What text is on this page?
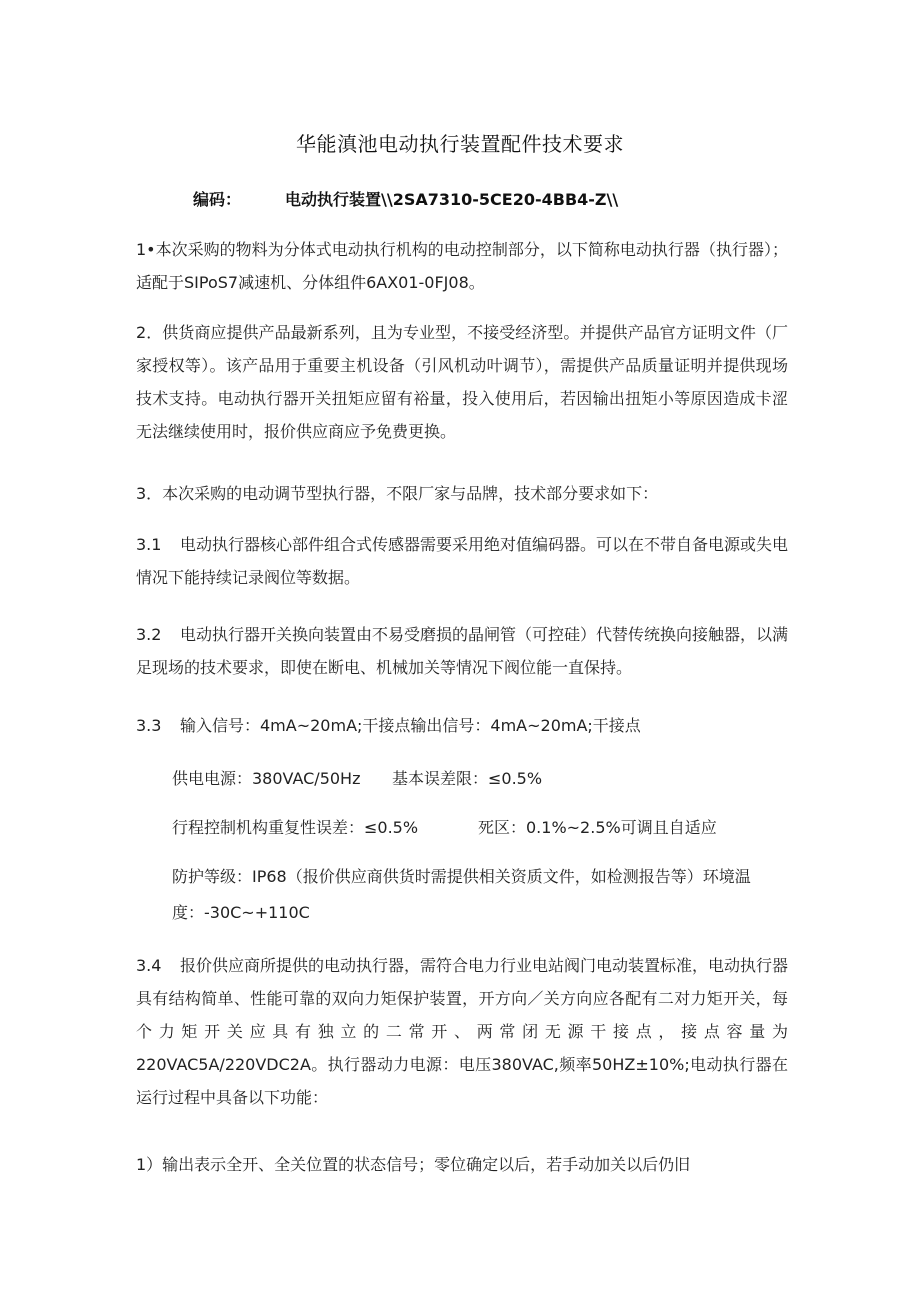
华能滇池电动执行装置配件技术要求
编码：	电动执行装置\\2SA7310-5CE20-4BB4-Z\\
1•本次采购的物料为分体式电动执行机构的电动控制部分，以下简称电动执行器（执行器）；适配于SIPoS7减速机、分体组件6AX01-0FJ08。
2．供货商应提供产品最新系列，且为专业型，不接受经济型。并提供产品官方证明文件（厂家授权等）。该产品用于重要主机设备（引风机动叶调节），需提供产品质量证明并提供现场技术支持。电动执行器开关扭矩应留有裕量，投入使用后，若因输出扭矩小等原因造成卡涩无法继续使用时，报价供应商应予免费更换。
3．本次采购的电动调节型执行器，不限厂家与品牌，技术部分要求如下：
3.1 电动执行器核心部件组合式传感器需要采用绝对值编码器。可以在不带自备电源或失电情况下能持续记录阀位等数据。
3.2 电动执行器开关换向装置由不易受磨损的晶闸管（可控硅）代替传统换向接触器，以满足现场的技术要求，即使在断电、机械加关等情况下阀位能一直保持。
3.3 输入信号：4mA~20mA;干接点输出信号：4mA~20mA;干接点
供电电源：380VAC/50Hz 基本误差限：≤0.5%
行程控制机构重复性误差：≤0.5%	死区：0.1%~2.5%可调且自适应
防护等级：IP68（报价供应商供货时需提供相关资质文件，如检测报告等）环境温
度：-30C~+110C
3.4 报价供应商所提供的电动执行器，需符合电力行业电站阀门电动装置标准，电动执行器具有结构简单、性能可靠的双向力矩保护装置，开方向／关方向应各配有二对力矩开关，每个力矩开关应具有独立的二常开、两常闭无源干接点，接点容量为220VAC5A/220VDC2A。执行器动力电源：电压380VAC,频率50HZ±10%;电动执行器在运行过程中具备以下功能：
1）输出表示全开、全关位置的状态信号；零位确定以后，若手动加关以后仍旧
